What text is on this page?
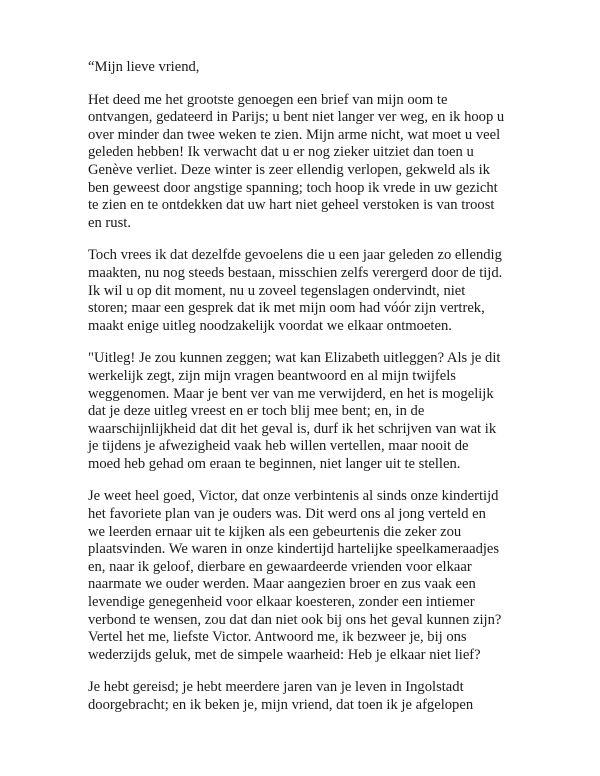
“Mijn lieve vriend,

Het deed me het grootste genoegen een brief van mijn oom te
ontvangen, gedateerd in Parijs; u bent niet langer ver weg, en ik hoop u
over minder dan twee weken te zien. Mijn arme nicht, wat moet u veel
geleden hebben! Ik verwacht dat u er nog zieker uitziet dan toen u
Genève verliet. Deze winter is zeer ellendig verlopen, gekweld als ik
ben geweest door angstige spanning; toch hoop ik vrede in uw gezicht
te zien en te ontdekken dat uw hart niet geheel verstoken is van troost
en rust.

Toch vrees ik dat dezelfde gevoelens die u een jaar geleden zo ellendig
maakten, nu nog steeds bestaan, misschien zelfs verergerd door de tijd.
Ik wil u op dit moment, nu u zoveel tegenslagen ondervindt, niet
storen; maar een gesprek dat ik met mijn oom had vóór zijn vertrek,
maakt enige uitleg noodzakelijk voordat we elkaar ontmoeten.

"Uitleg! Je zou kunnen zeggen; wat kan Elizabeth uitleggen? Als je dit
werkelijk zegt, zijn mijn vragen beantwoord en al mijn twijfels
weggenomen. Maar je bent ver van me verwijderd, en het is mogelijk
dat je deze uitleg vreest en er toch blij mee bent; en, in de
waarschijnlijkheid dat dit het geval is, durf ik het schrijven van wat ik
je tijdens je afwezigheid vaak heb willen vertellen, maar nooit de
moed heb gehad om eraan te beginnen, niet langer uit te stellen.

Je weet heel goed, Victor, dat onze verbintenis al sinds onze kindertijd
het favoriete plan van je ouders was. Dit werd ons al jong verteld en
we leerden ernaar uit te kijken als een gebeurtenis die zeker zou
plaatsvinden. We waren in onze kindertijd hartelijke speelkameraadjes
en, naar ik geloof, dierbare en gewaardeerde vrienden voor elkaar
naarmate we ouder werden. Maar aangezien broer en zus vaak een
levendige genegenheid voor elkaar koesteren, zonder een intiemer
verbond te wensen, zou dat dan niet ook bij ons het geval kunnen zijn?
Vertel het me, liefste Victor. Antwoord me, ik bezweer je, bij ons
wederzijds geluk, met de simpele waarheid: Heb je elkaar niet lief?

Je hebt gereisd; je hebt meerdere jaren van je leven in Ingolstadt
doorgebracht; en ik beken je, mijn vriend, dat toen ik je afgelopen
